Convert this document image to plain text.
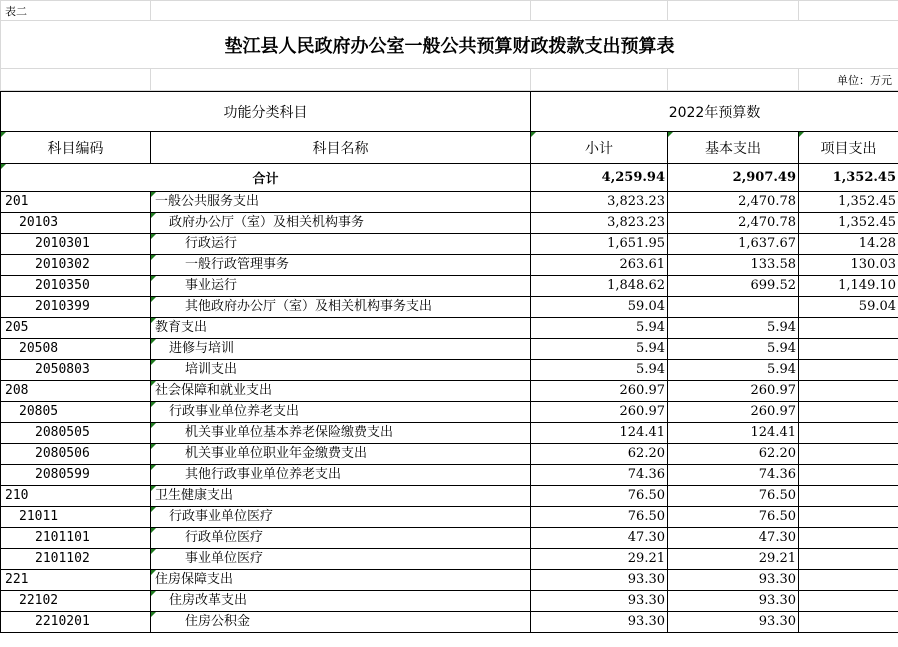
表二				
垫江县人民政府办公室一般公共预算财政拨款支出预算表				
				单位：万元
功能分类科目		2022年预算数		
科目编码	科目名称	小计	基本支出	项目支出
合计		4,259.94	2,907.49	1,352.45
201	一般公共服务支出	3,823.23	2,470.78	1,352.45
20103	政府办公厅（室）及相关机构事务	3,823.23	2,470.78	1,352.45
2010301	行政运行	1,651.95	1,637.67	14.28
2010302	一般行政管理事务	263.61	133.58	130.03
2010350	事业运行	1,848.62	699.52	1,149.10
2010399	其他政府办公厅（室）及相关机构事务支出	59.04		59.04
205	教育支出	5.94	5.94	
20508	进修与培训	5.94	5.94	
2050803	培训支出	5.94	5.94	
208	社会保障和就业支出	260.97	260.97	
20805	行政事业单位养老支出	260.97	260.97	
2080505	机关事业单位基本养老保险缴费支出	124.41	124.41	
2080506	机关事业单位职业年金缴费支出	62.20	62.20	
2080599	其他行政事业单位养老支出	74.36	74.36	
210	卫生健康支出	76.50	76.50	
21011	行政事业单位医疗	76.50	76.50	
2101101	行政单位医疗	47.30	47.30	
2101102	事业单位医疗	29.21	29.21	
221	住房保障支出	93.30	93.30	
22102	住房改革支出	93.30	93.30	
2210201	住房公积金	93.30	93.30	
